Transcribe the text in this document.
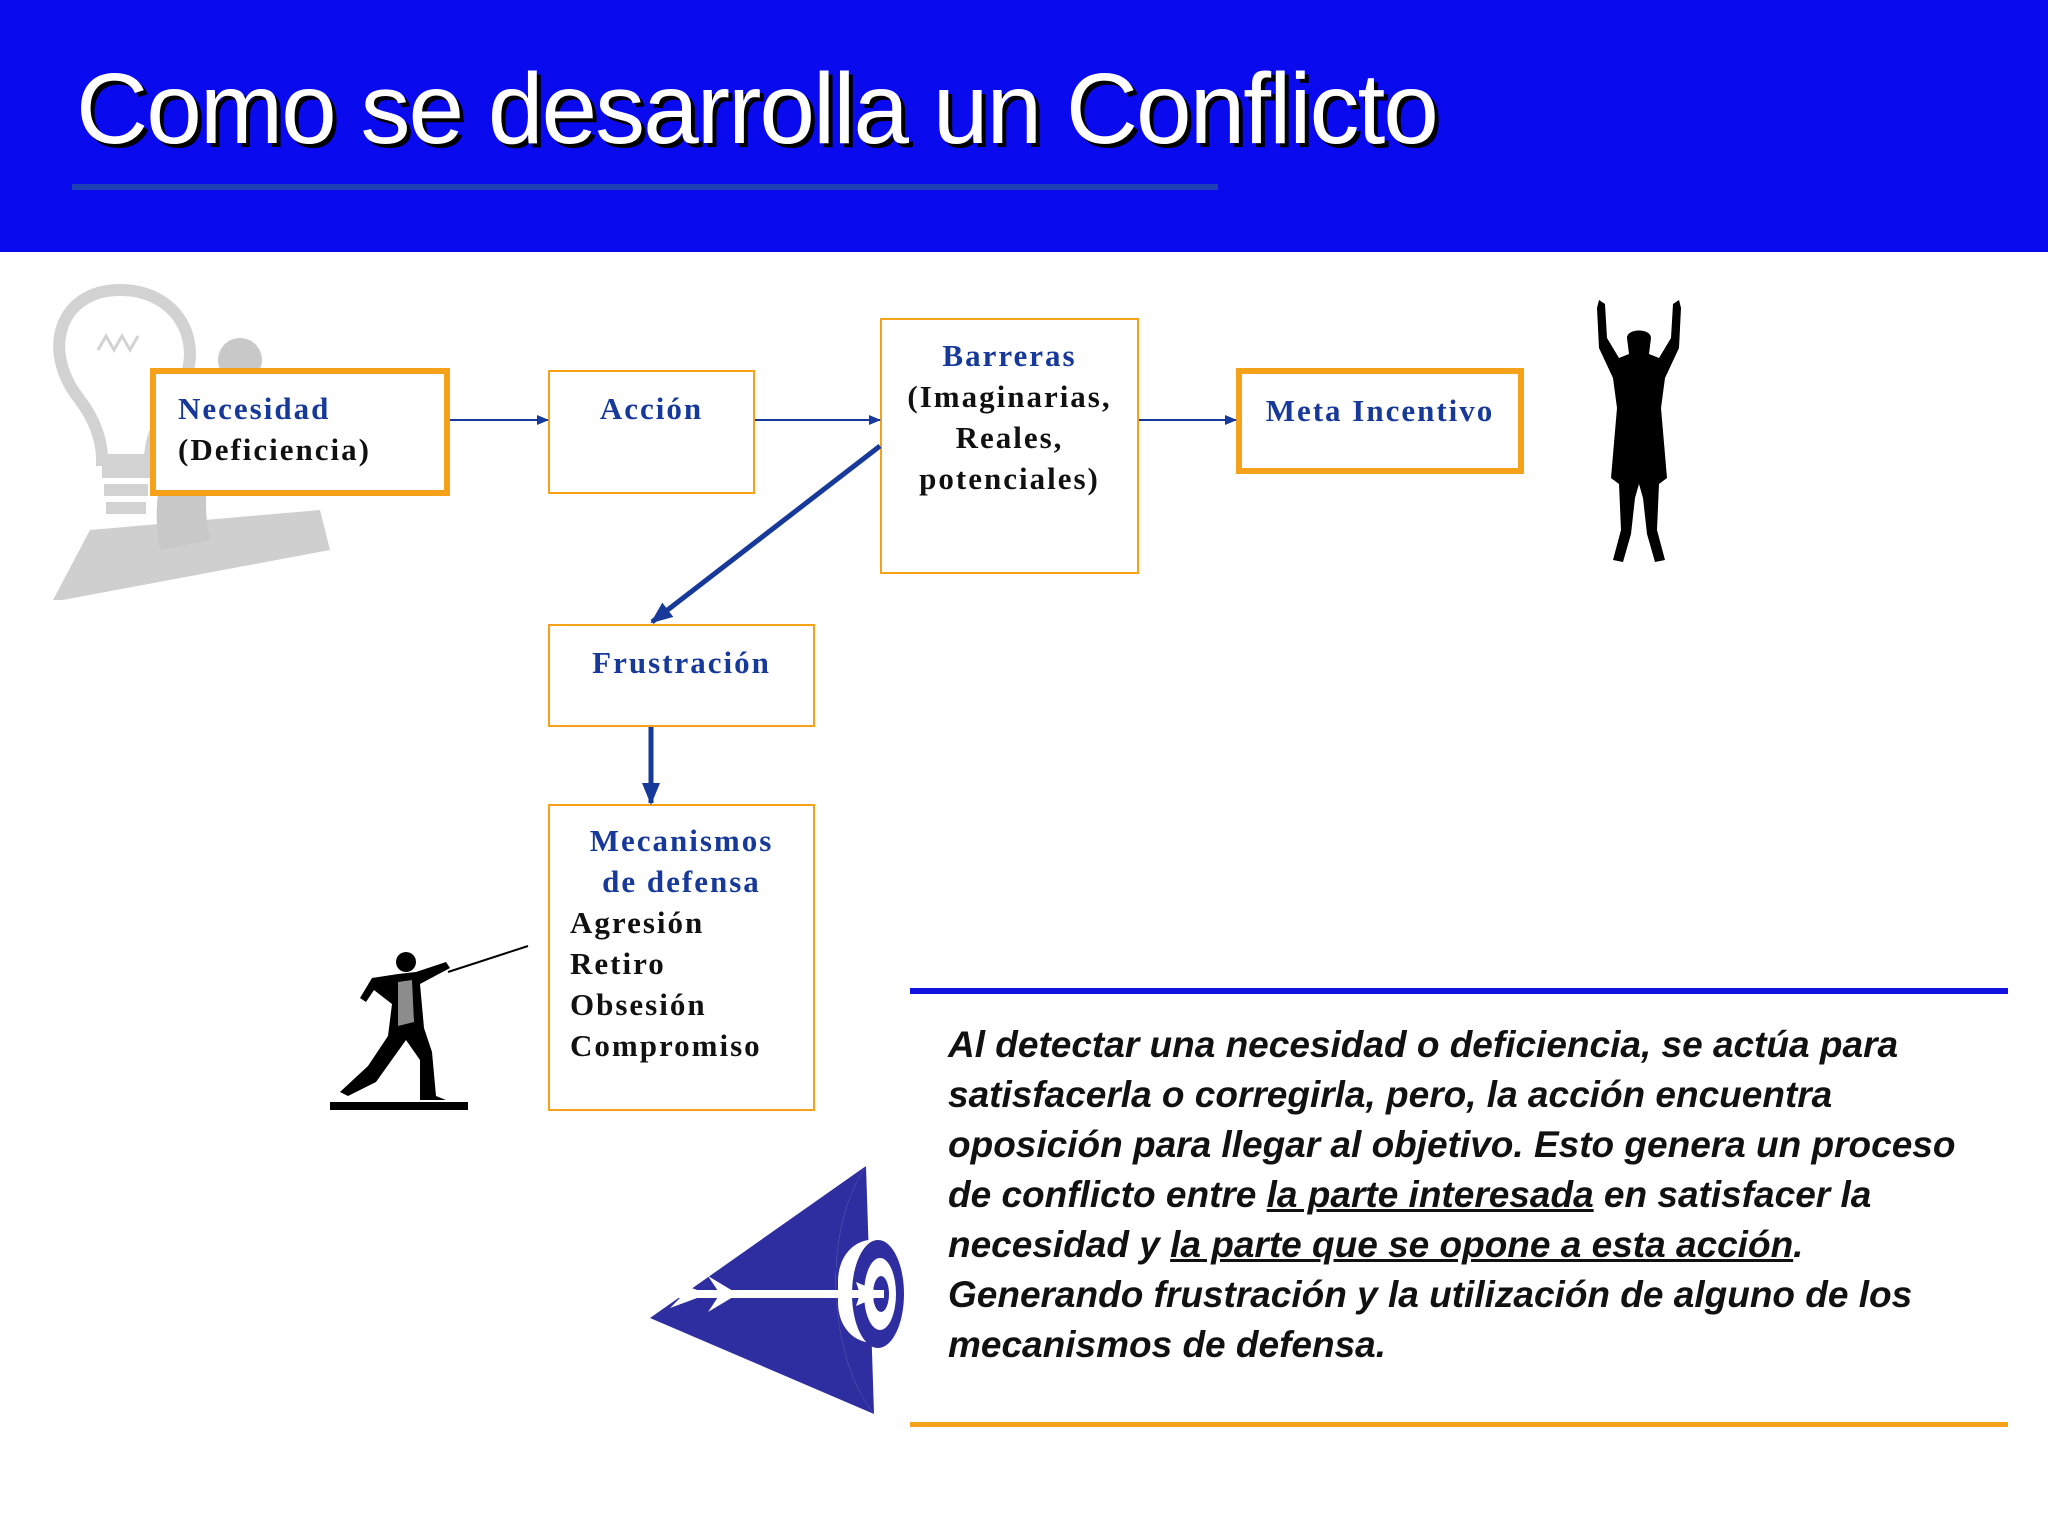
Como se desarrolla un Conflicto
Necesidad
(Deficiencia)
Acción
Barreras
(Imaginarias,
Reales,
potenciales)
Meta Incentivo
Frustración
Mecanismos de defensa
Agresión
Retiro
Obsesión
Compromiso	Al detectar una necesidad o deficiencia, se actúa para satisfacerla o corregirla, pero, la acción encuentra oposición para llegar al objetivo. Esto genera un proceso de conflicto entre la parte interesada en satisfacer la necesidad y la parte que se opone a esta acción. Generando frustración y la utilización de alguno de los mecanismos de defensa.
